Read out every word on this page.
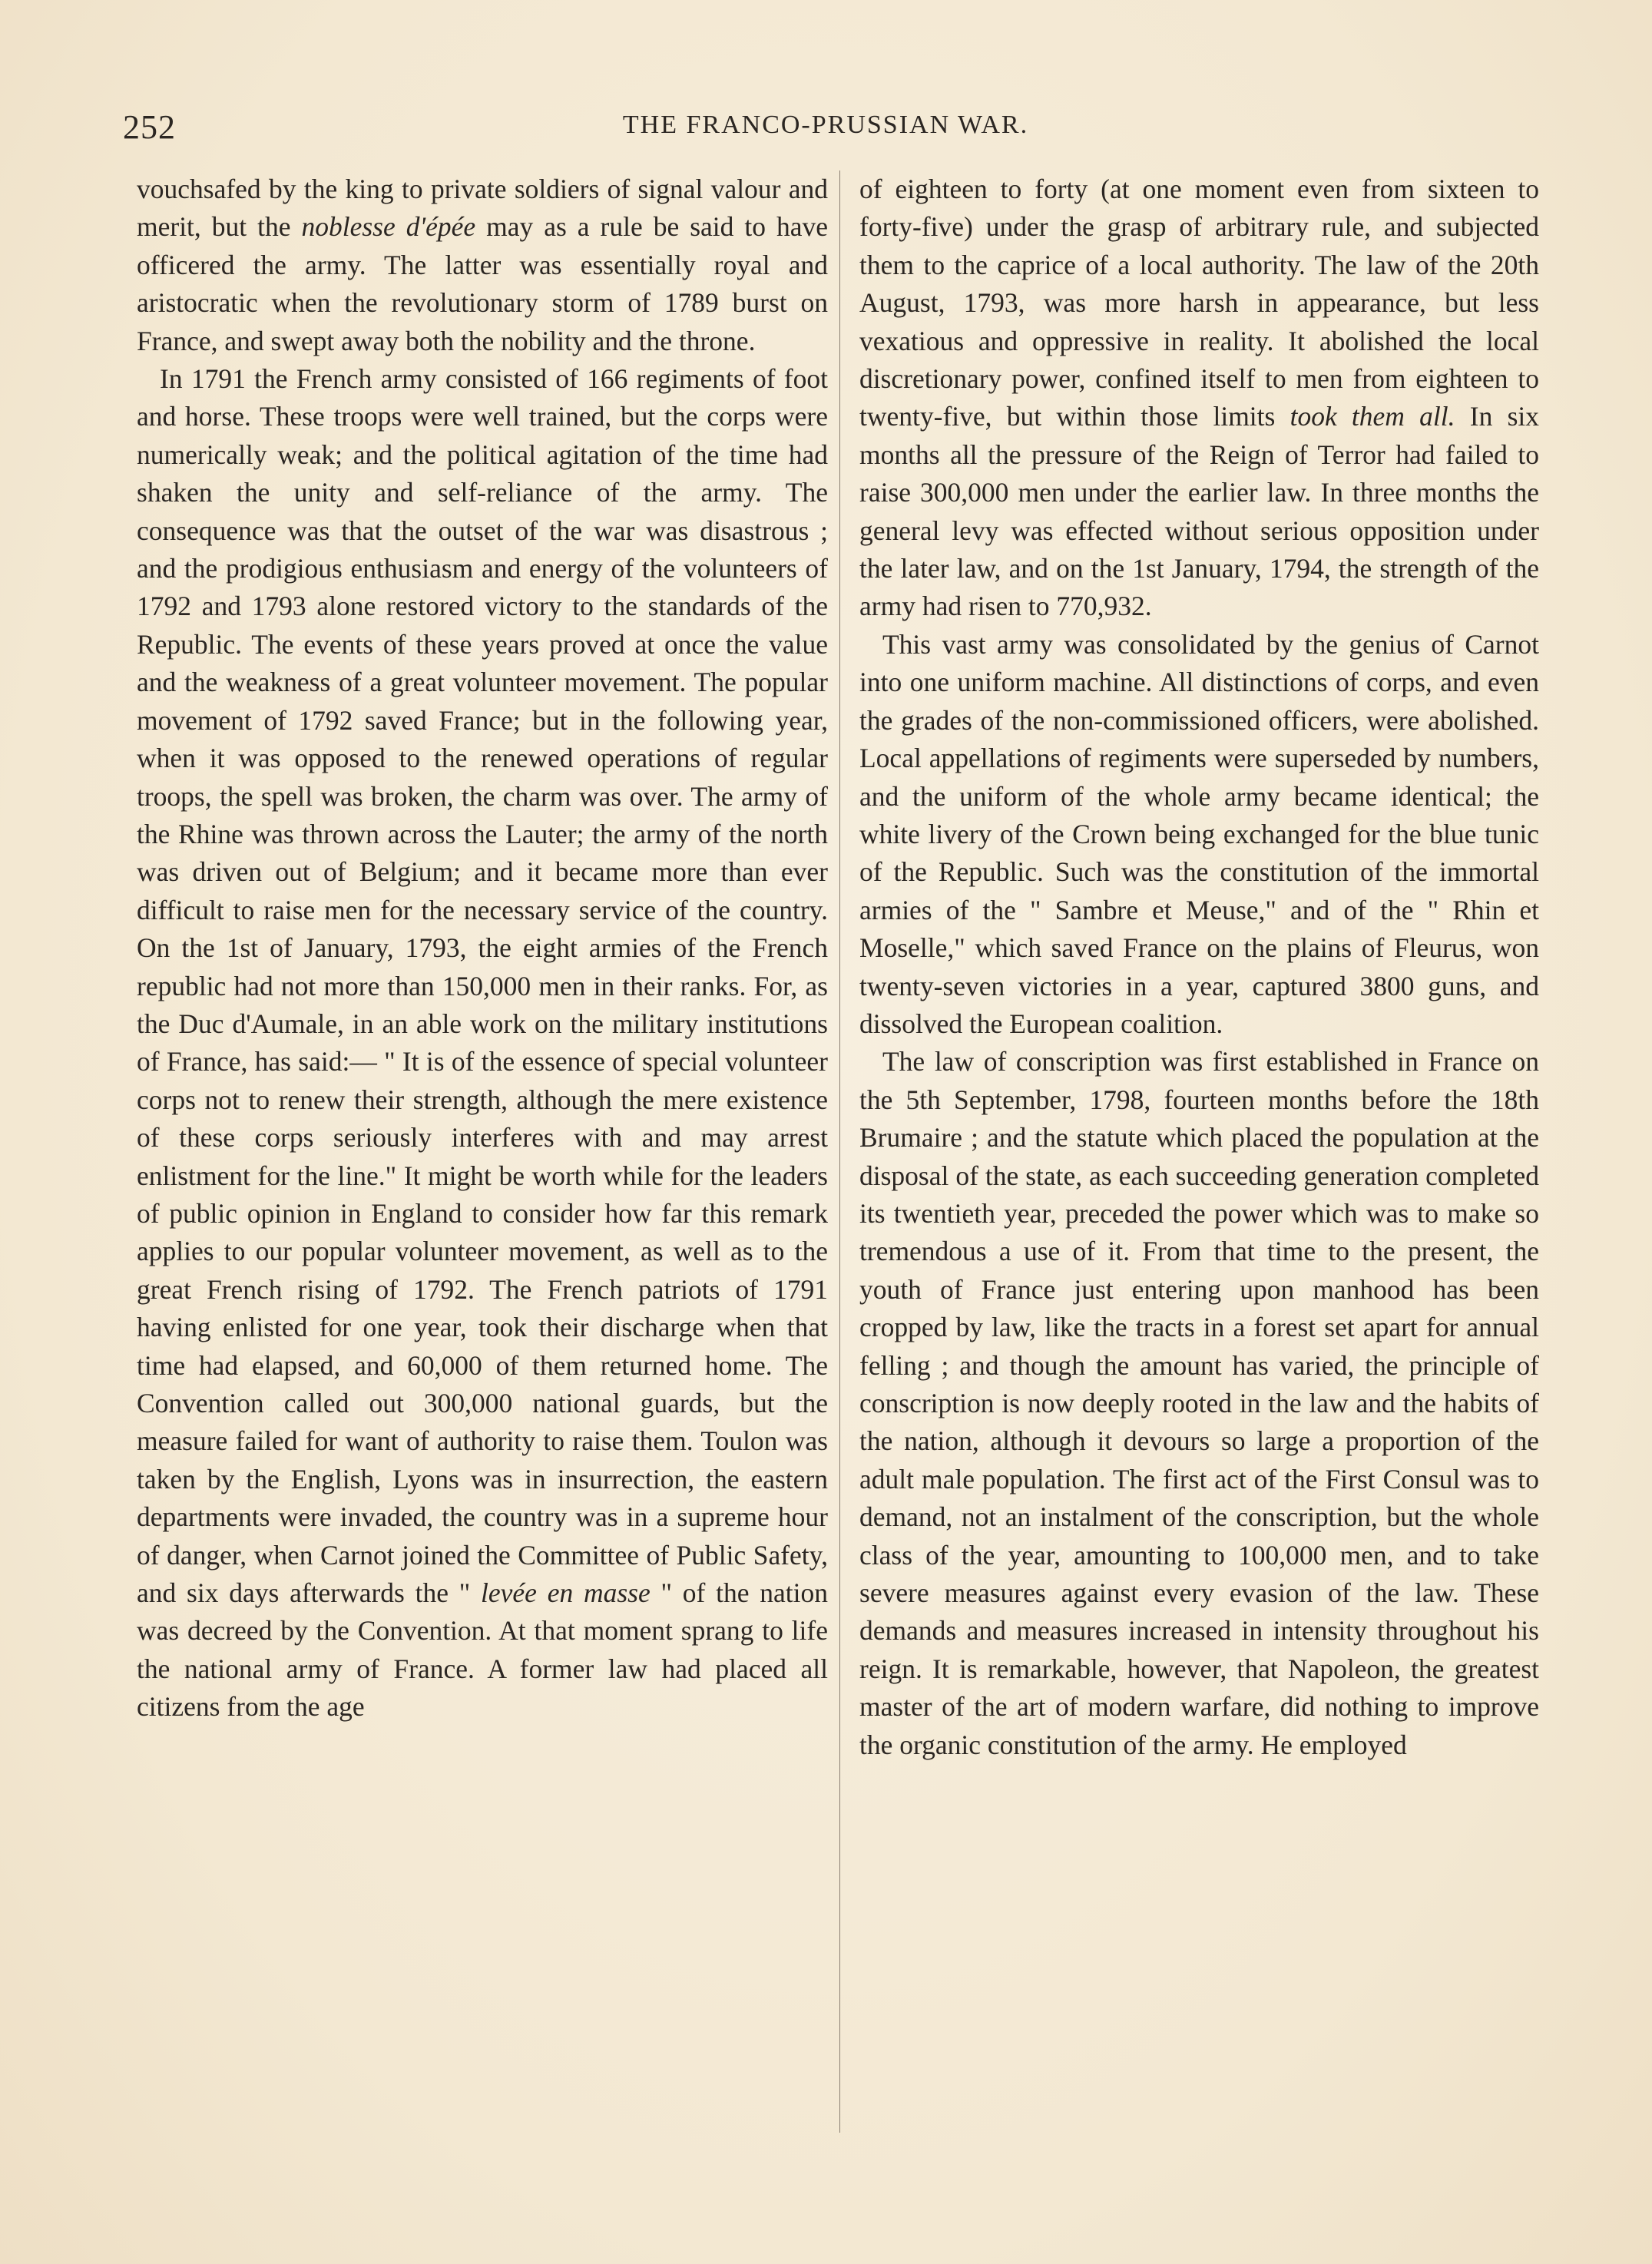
252	THE FRANCO-PRUSSIAN WAR.

vouchsafed by the king to private soldiers of signal valour and merit, but the noblesse d'épée may as a rule be said to have officered the army. The latter was essentially royal and aristocratic when the revolutionary storm of 1789 burst on France, and swept away both the nobility and the throne.

In 1791 the French army consisted of 166 regiments of foot and horse. These troops were well trained, but the corps were numerically weak; and the political agitation of the time had shaken the unity and self-reliance of the army. The consequence was that the outset of the war was disastrous ; and the prodigious enthusiasm and energy of the volunteers of 1792 and 1793 alone restored victory to the standards of the Republic. The events of these years proved at once the value and the weakness of a great volunteer movement. The popular movement of 1792 saved France; but in the following year, when it was opposed to the renewed operations of regular troops, the spell was broken, the charm was over. The army of the Rhine was thrown across the Lauter; the army of the north was driven out of Belgium; and it became more than ever difficult to raise men for the necessary service of the country. On the 1st of January, 1793, the eight armies of the French republic had not more than 150,000 men in their ranks. For, as the Duc d'Aumale, in an able work on the military institutions of France, has said:— " It is of the essence of special volunteer corps not to renew their strength, although the mere existence of these corps seriously interferes with and may arrest enlistment for the line." It might be worth while for the leaders of public opinion in England to consider how far this remark applies to our popular volunteer movement, as well as to the great French rising of 1792. The French patriots of 1791 having enlisted for one year, took their discharge when that time had elapsed, and 60,000 of them returned home. The Convention called out 300,000 national guards, but the measure failed for want of authority to raise them. Toulon was taken by the English, Lyons was in insurrection, the eastern departments were invaded, the country was in a supreme hour of danger, when Carnot joined the Committee of Public Safety, and six days afterwards the " levée en masse " of the nation was decreed by the Convention. At that moment sprang to life the national army of France. A former law had placed all citizens from the age

of eighteen to forty (at one moment even from sixteen to forty-five) under the grasp of arbitrary rule, and subjected them to the caprice of a local authority. The law of the 20th August, 1793, was more harsh in appearance, but less vexatious and oppressive in reality. It abolished the local discretionary power, confined itself to men from eighteen to twenty-five, but within those limits took them all. In six months all the pressure of the Reign of Terror had failed to raise 300,000 men under the earlier law. In three months the general levy was effected without serious opposition under the later law, and on the 1st January, 1794, the strength of the army had risen to 770,932.

This vast army was consolidated by the genius of Carnot into one uniform machine. All distinctions of corps, and even the grades of the non-commissioned officers, were abolished. Local appellations of regiments were superseded by numbers, and the uniform of the whole army became identical; the white livery of the Crown being exchanged for the blue tunic of the Republic. Such was the constitution of the immortal armies of the " Sambre et Meuse," and of the " Rhin et Moselle," which saved France on the plains of Fleurus, won twenty-seven victories in a year, captured 3800 guns, and dissolved the European coalition.

The law of conscription was first established in France on the 5th September, 1798, fourteen months before the 18th Brumaire ; and the statute which placed the population at the disposal of the state, as each succeeding generation completed its twentieth year, preceded the power which was to make so tremendous a use of it. From that time to the present, the youth of France just entering upon manhood has been cropped by law, like the tracts in a forest set apart for annual felling ; and though the amount has varied, the principle of conscription is now deeply rooted in the law and the habits of the nation, although it devours so large a proportion of the adult male population. The first act of the First Consul was to demand, not an instalment of the conscription, but the whole class of the year, amounting to 100,000 men, and to take severe measures against every evasion of the law. These demands and measures increased in intensity throughout his reign. It is remarkable, however, that Napoleon, the greatest master of the art of modern warfare, did nothing to improve the organic constitution of the army. He employed
